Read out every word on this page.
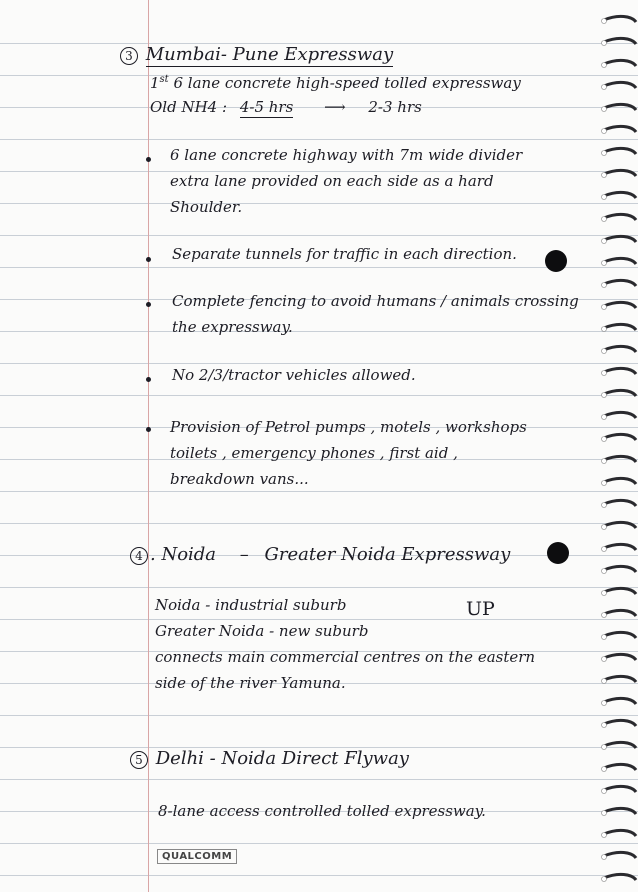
3 Mumbai- Pune Expressway
1st 6 lane concrete high-speed tolled expressway
Old NH4 : 4-5 hrs ⟶ 2-3 hrs
6 lane concrete highway with 7m wide divider
extra lane provided on each side as a hard
Shoulder.
Separate tunnels for traffic in each direction.
Complete fencing to avoid humans / animals crossing
the expressway.
No 2/3/tractor vehicles allowed.
Provision of Petrol pumps , motels , workshops
toilets , emergency phones , first aid ,
breakdown vans...
4 . Noida – Greater Noida Expressway
Noida - industrial suburb	UP
Greater Noida - new suburb
connects main commercial centres on the eastern
side of the river Yamuna.
5 Delhi - Noida Direct Flyway
8-lane access controlled tolled expressway.
QUALCOMM
